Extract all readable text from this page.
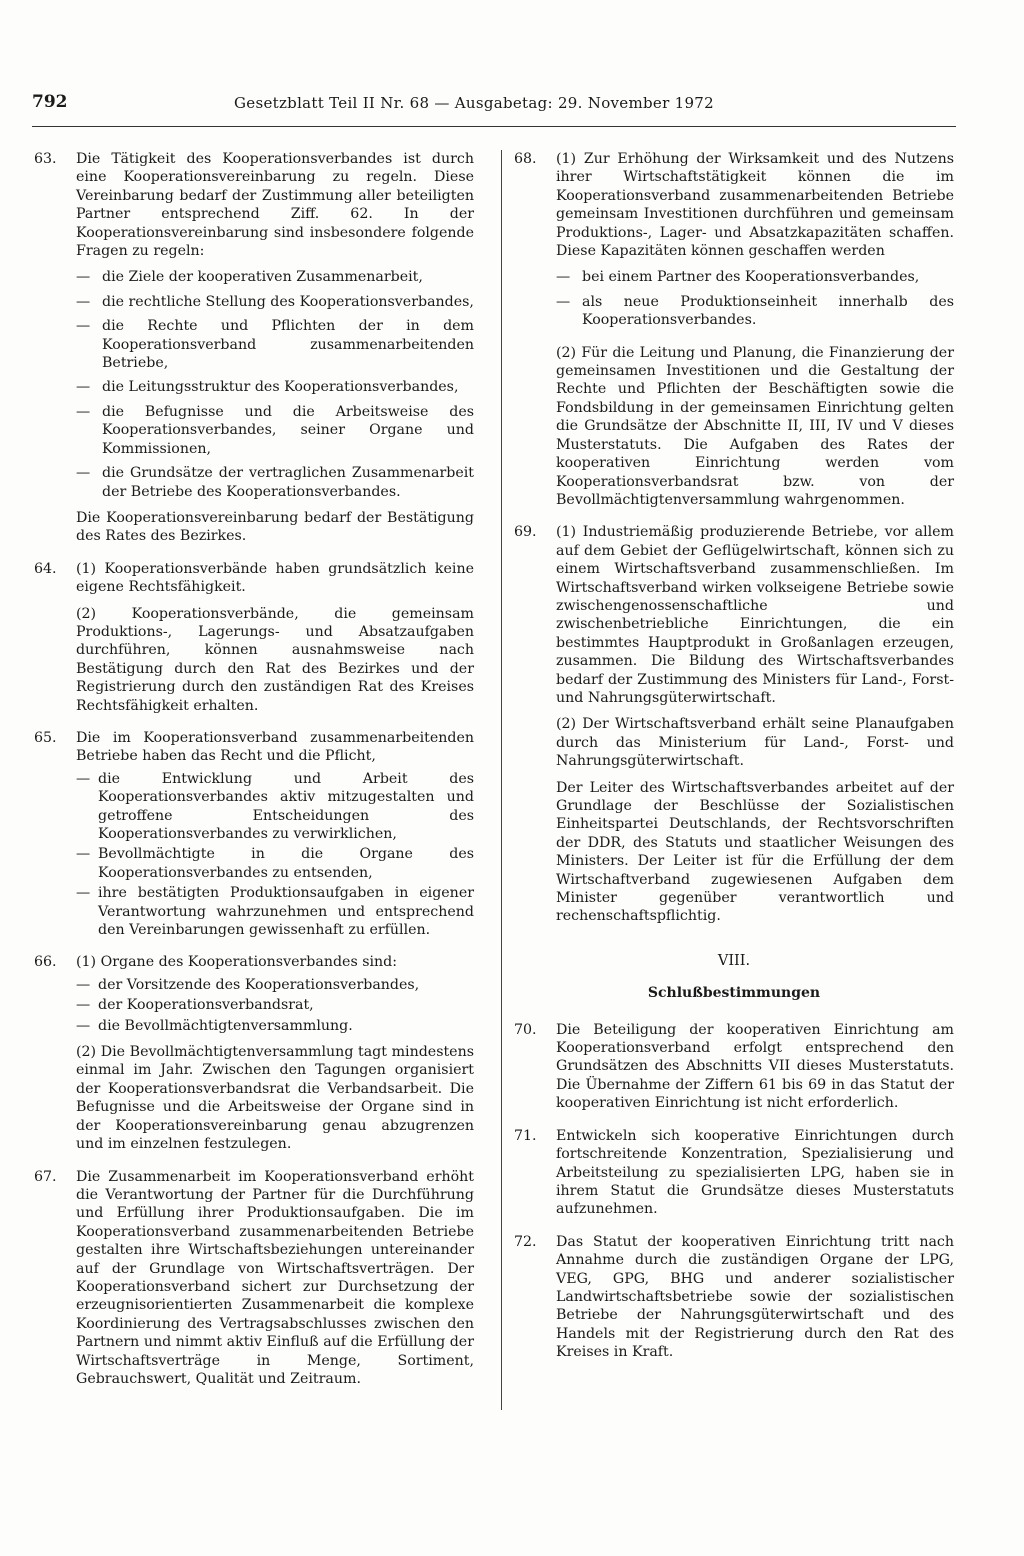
792	Gesetzblatt Teil II Nr. 68 — Ausgabetag: 29. November 1972
63. Die Tätigkeit des Kooperationsverbandes ist durch eine Kooperationsvereinbarung zu regeln. Diese Vereinbarung bedarf der Zustimmung aller beteiligten Partner entsprechend Ziff. 62. In der Kooperationsvereinbarung sind insbesondere folgende Fragen zu regeln:

— die Ziele der kooperativen Zusammenarbeit,
— die rechtliche Stellung des Kooperationsverbandes,
— die Rechte und Pflichten der in dem Kooperationsverband zusammenarbeitenden Betriebe,
— die Leitungsstruktur des Kooperationsverbandes,
— die Befugnisse und die Arbeitsweise des Kooperationsverbandes, seiner Organe und Kommissionen,
— die Grundsätze der vertraglichen Zusammenarbeit der Betriebe des Kooperationsverbandes.

Die Kooperationsvereinbarung bedarf der Bestätigung des Rates des Bezirkes.

64. (1) Kooperationsverbände haben grundsätzlich keine eigene Rechtsfähigkeit.

(2) Kooperationsverbände, die gemeinsam Produktions-, Lagerungs- und Absatzaufgaben durchführen, können ausnahmsweise nach Bestätigung durch den Rat des Bezirkes und der Registrierung durch den zuständigen Rat des Kreises Rechtsfähigkeit erhalten.

65. Die im Kooperationsverband zusammenarbeitenden Betriebe haben das Recht und die Pflicht,

— die Entwicklung und Arbeit des Kooperationsverbandes aktiv mitzugestalten und getroffene Entscheidungen des Kooperationsverbandes zu verwirklichen,
— Bevollmächtigte in die Organe des Kooperationsverbandes zu entsenden,
— ihre bestätigten Produktionsaufgaben in eigener Verantwortung wahrzunehmen und entsprechend den Vereinbarungen gewissenhaft zu erfüllen.
66. (1) Organe des Kooperationsverbandes sind:

— der Vorsitzende des Kooperationsverbandes,
— der Kooperationsverbandsrat,
— die Bevollmächtigtenversammlung.

(2) Die Bevollmächtigtenversammlung tagt mindestens einmal im Jahr. Zwischen den Tagungen organisiert der Kooperationsverbandsrat die Verbandsarbeit. Die Befugnisse und die Arbeitsweise der Organe sind in der Kooperationsvereinbarung genau abzugrenzen und im einzelnen festzulegen.

67. Die Zusammenarbeit im Kooperationsverband erhöht die Verantwortung der Partner für die Durchführung und Erfüllung ihrer Produktionsaufgaben. Die im Kooperationsverband zusammenarbeitenden Betriebe gestalten ihre Wirtschaftsbeziehungen untereinander auf der Grundlage von Wirtschaftsverträgen. Der Kooperationsverband sichert zur Durchsetzung der erzeugnisorientierten Zusammenarbeit die komplexe Koordinierung des Vertragsabschlusses zwischen den Partnern und nimmt aktiv Einfluß auf die Erfüllung der Wirtschaftsverträge in Menge, Sortiment, Gebrauchswert, Qualität und Zeitraum.

68. (1) Zur Erhöhung der Wirksamkeit und des Nutzens ihrer Wirtschaftstätigkeit können die im Kooperationsverband zusammenarbeitenden Betriebe gemeinsam Investitionen durchführen und gemeinsam Produktions-, Lager- und Absatzkapazitäten schaffen. Diese Kapazitäten können geschaffen werden

— bei einem Partner des Kooperationsverbandes,
— als neue Produktionseinheit innerhalb des Kooperationsverbandes.

(2) Für die Leitung und Planung, die Finanzierung der gemeinsamen Investitionen und die Gestaltung der Rechte und Pflichten der Beschäftigten sowie die Fondsbildung in der gemeinsamen Einrichtung gelten die Grundsätze der Abschnitte II, III, IV und V dieses Musterstatuts. Die Aufgaben des Rates der kooperativen Einrichtung werden vom Kooperationsverbandsrat bzw. von der Bevollmächtigtenversammlung wahrgenommen.

69. (1) Industriemäßig produzierende Betriebe, vor allem auf dem Gebiet der Geflügelwirtschaft, können sich zu einem Wirtschaftsverband zusammenschließen. Im Wirtschaftsverband wirken volkseigene Betriebe sowie zwischengenossenschaftliche und zwischenbetriebliche Einrichtungen, die ein bestimmtes Hauptprodukt in Großanlagen erzeugen, zusammen. Die Bildung des Wirtschaftsverbandes bedarf der Zustimmung des Ministers für Land-, Forst- und Nahrungsgüterwirtschaft.

(2) Der Wirtschaftsverband erhält seine Planaufgaben durch das Ministerium für Land-, Forst- und Nahrungsgüterwirtschaft.

Der Leiter des Wirtschaftsverbandes arbeitet auf der Grundlage der Beschlüsse der Sozialistischen Einheitspartei Deutschlands, der Rechtsvorschriften der DDR, des Statuts und staatlicher Weisungen des Ministers. Der Leiter ist für die Erfüllung der dem Wirtschaftverband zugewiesenen Aufgaben dem Minister gegenüber verantwortlich und rechenschaftspflichtig.

VIII.
Schlußbestimmungen
70. Die Beteiligung der kooperativen Einrichtung am Kooperationsverband erfolgt entsprechend den Grundsätzen des Abschnitts VII dieses Musterstatuts. Die Übernahme der Ziffern 61 bis 69 in das Statut der kooperativen Einrichtung ist nicht erforderlich.

71. Entwickeln sich kooperative Einrichtungen durch fortschreitende Konzentration, Spezialisierung und Arbeitsteilung zu spezialisierten LPG, haben sie in ihrem Statut die Grundsätze dieses Musterstatuts aufzunehmen.

72. Das Statut der kooperativen Einrichtung tritt nach Annahme durch die zuständigen Organe der LPG, VEG, GPG, BHG und anderer sozialistischer Landwirtschaftsbetriebe sowie der sozialistischen Betriebe der Nahrungsgüterwirtschaft und des Handels mit der Registrierung durch den Rat des Kreises in Kraft.
